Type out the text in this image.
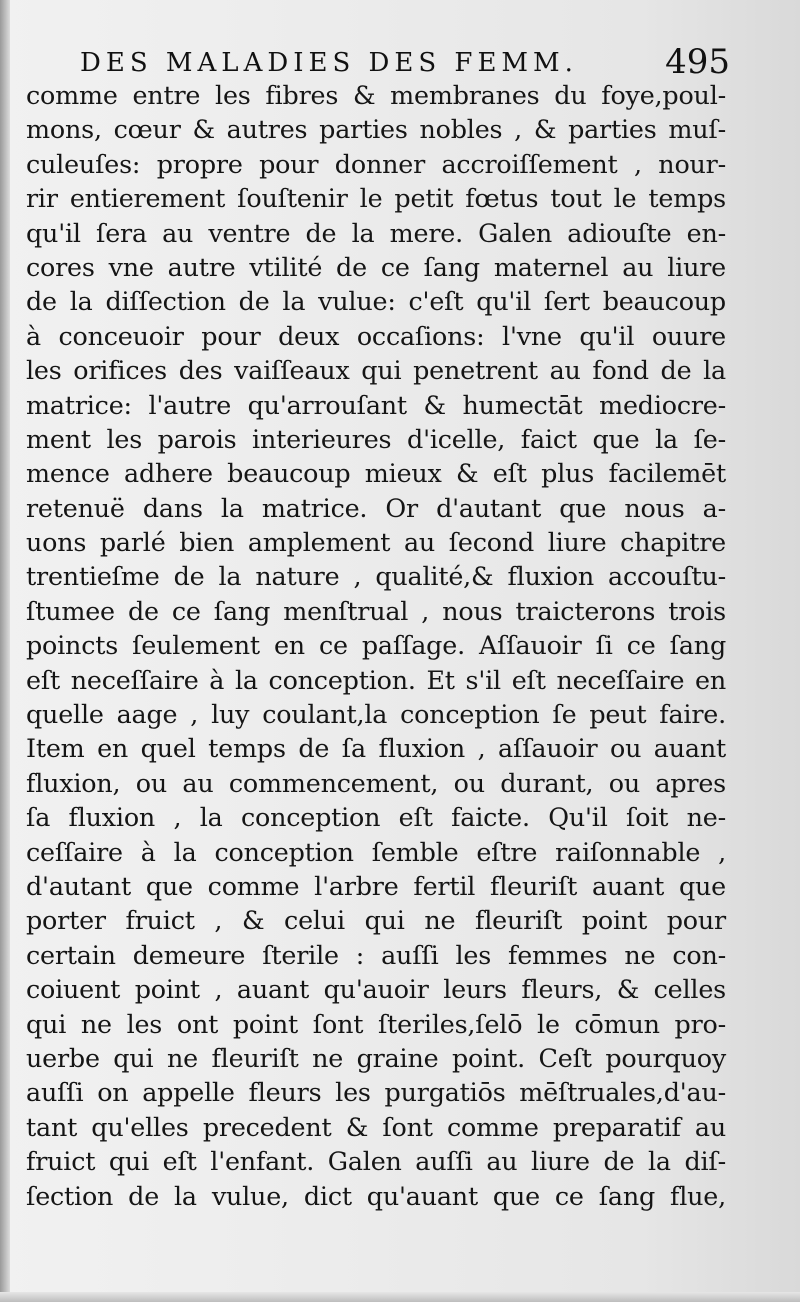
DES MALADIES DES FEMM.	495
comme entre les fibres & membranes du foye,poul-
mons, cœur & autres parties nobles , & parties muſ-
culeuſes: propre pour donner accroiſſement , nour-
rir entierement ſouſtenir le petit fœtus tout le temps
qu'il ſera au ventre de la mere. Galen adiouſte en-
cores vne autre vtilité de ce ſang maternel au liure
de la diſſection de la vulue: c'eſt qu'il ſert beaucoup
à conceuoir pour deux occaſions: l'vne qu'il ouure
les orifices des vaiſſeaux qui penetrent au fond de la
matrice: l'autre qu'arrouſant & humectāt mediocre-
ment les parois interieures d'icelle, faict que la ſe-
mence adhere beaucoup mieux & eſt plus facilemēt
retenuë dans la matrice. Or d'autant que nous a-
uons parlé bien amplement au ſecond liure chapitre
trentieſme de la nature , qualité,& fluxion accouſtu-
ſtumee de ce ſang menſtrual , nous traicterons trois
poincts ſeulement en ce paſſage. Aſſauoir ſi ce ſang
eſt neceſſaire à la conception. Et s'il eſt neceſſaire en
quelle aage , luy coulant,la conception ſe peut faire.
Item en quel temps de ſa fluxion , aſſauoir ou auant
fluxion, ou au commencement, ou durant, ou apres
ſa fluxion , la conception eſt faicte. Qu'il ſoit ne-
ceſſaire à la conception ſemble eſtre raiſonnable ,
d'autant que comme l'arbre fertil fleuriſt auant que
porter fruict , & celui qui ne fleuriſt point pour
certain demeure ſterile : auſſi les femmes ne con-
coiuent point , auant qu'auoir leurs fleurs, & celles
qui ne les ont point ſont ſteriles,ſelō le cōmun pro-
uerbe qui ne fleuriſt ne graine point. Ceſt pourquoy
auſſi on appelle fleurs les purgatiōs mēſtruales,d'au-
tant qu'elles precedent & ſont comme preparatif au
fruict qui eſt l'enfant. Galen auſſi au liure de la diſ-
ſection de la vulue, dict qu'auant que ce ſang flue,
